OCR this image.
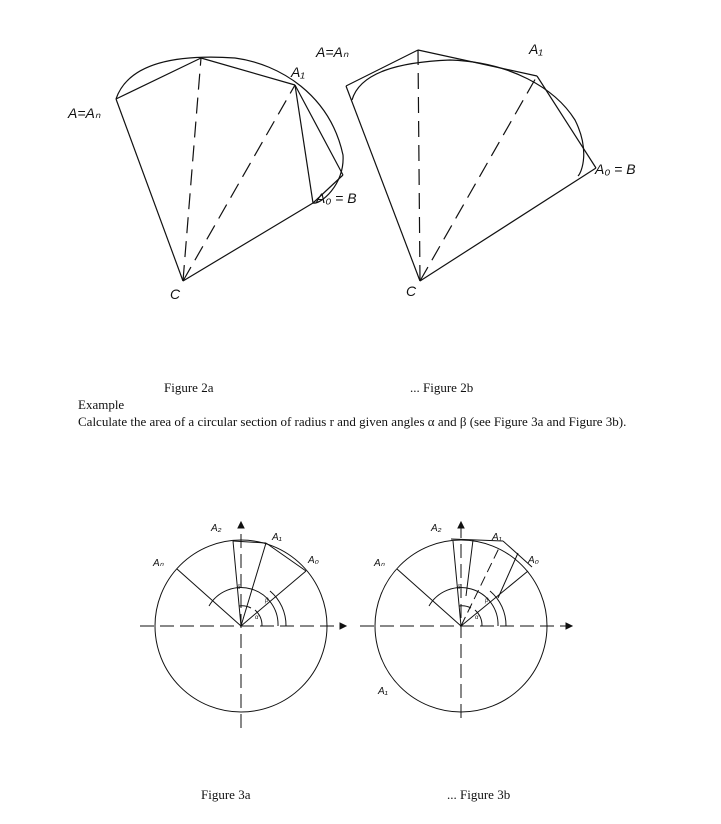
A=Aₙ
A=Aₙ
A₁
A₀ = B
C
A₁
A₀ = B
C
A₂
A₁
A₀
Aₙ
α
β
δ
A₂
A₁
A₀
Aₙ
A₁
α
β
δ
Figure 2a	... Figure 2b

Example

Calculate the area of a circular section of radius r and given angles α and β (see Figure 3a and Figure 3b).

Figure 3a	... Figure 3b
